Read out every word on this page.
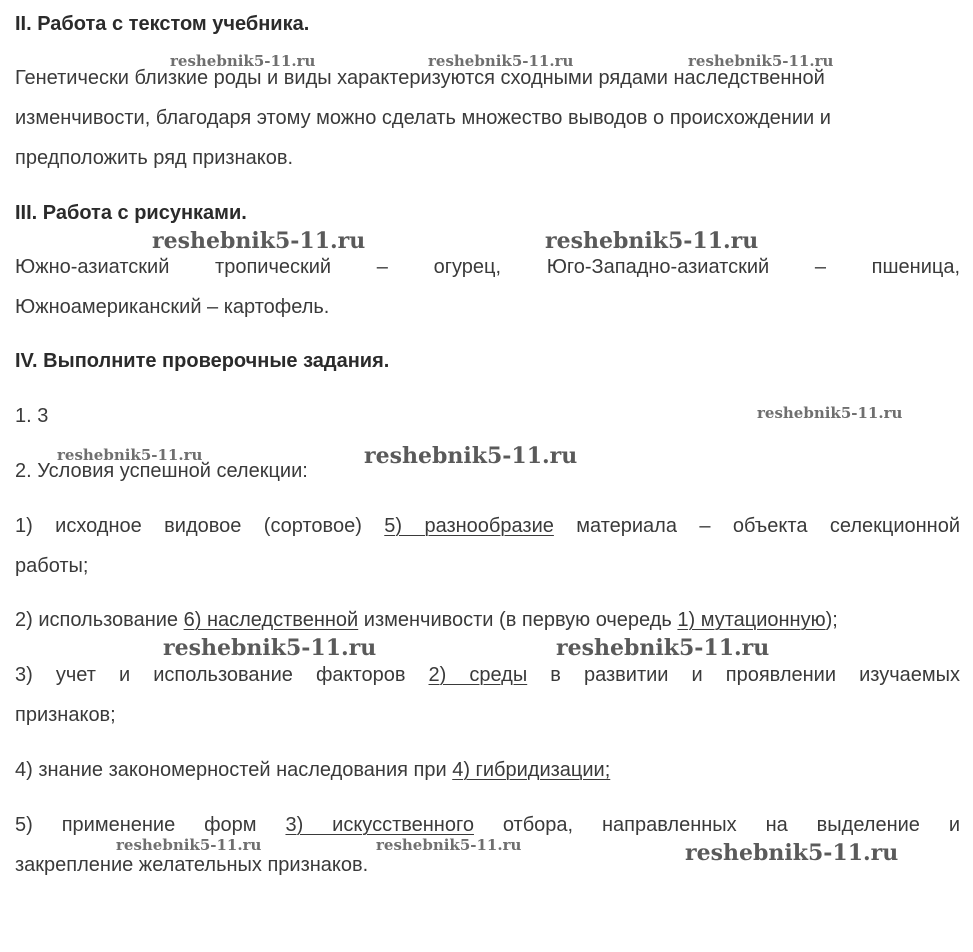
II. Работа с текстом учебника.
Генетически близкие роды и виды характеризуются сходными рядами наследственной
изменчивости, благодаря этому можно сделать множество выводов о происхождении и
предположить ряд признаков.
III. Работа с рисунками.
Южно-азиатский тропический – огурец, Юго-Западно-азиатский – пшеница,
Южноамериканский – картофель.
IV. Выполните проверочные задания.
1. 3
2. Условия успешной селекции:
1) исходное видовое (сортовое) 5) разнообразие материала – объекта селекционной
работы;
2) использование 6) наследственной изменчивости (в первую очередь 1) мутационную);
3) учет и использование факторов 2) среды в развитии и проявлении изучаемых
признаков;
4) знание закономерностей наследования при 4) гибридизации;
5) применение форм 3) искусственного отбора, направленных на выделение и
закрепление желательных признаков.
reshebnik5-11.ru	reshebnik5-11.ru	reshebnik5-11.ru
reshebnik5-11.ru	reshebnik5-11.ru
reshebnik5-11.ru
reshebnik5-11.ru	reshebnik5-11.ru
reshebnik5-11.ru	reshebnik5-11.ru
reshebnik5-11.ru	reshebnik5-11.ru	reshebnik5-11.ru
